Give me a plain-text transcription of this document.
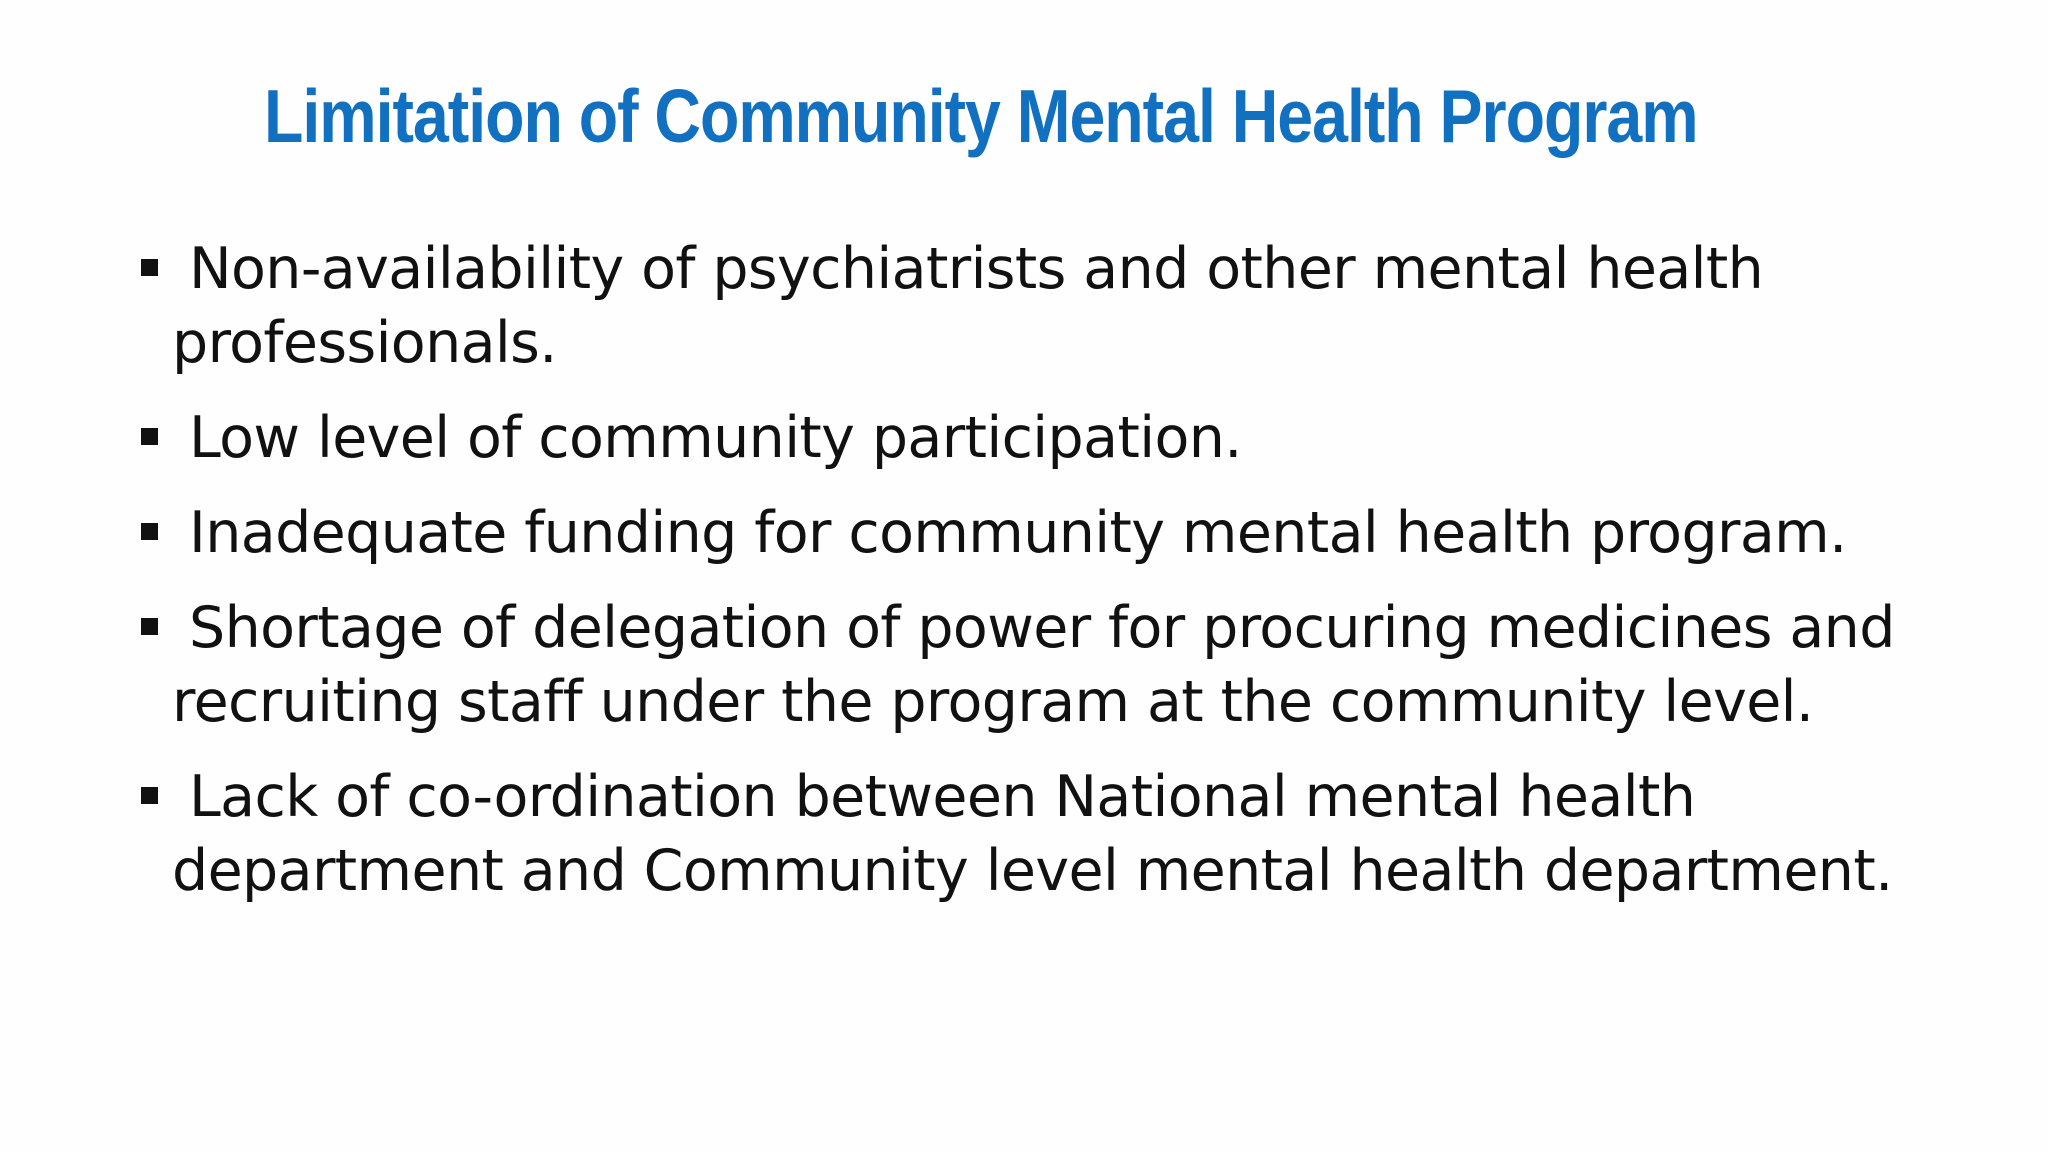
Limitation of Community Mental Health Program
Non-availability of psychiatrists and other mental health professionals.
Low level of community participation.
Inadequate funding for community mental health program.
Shortage of delegation of power for procuring medicines and recruiting staff under the program at the community level.
Lack of co-ordination between National mental health department and Community level mental health department.
